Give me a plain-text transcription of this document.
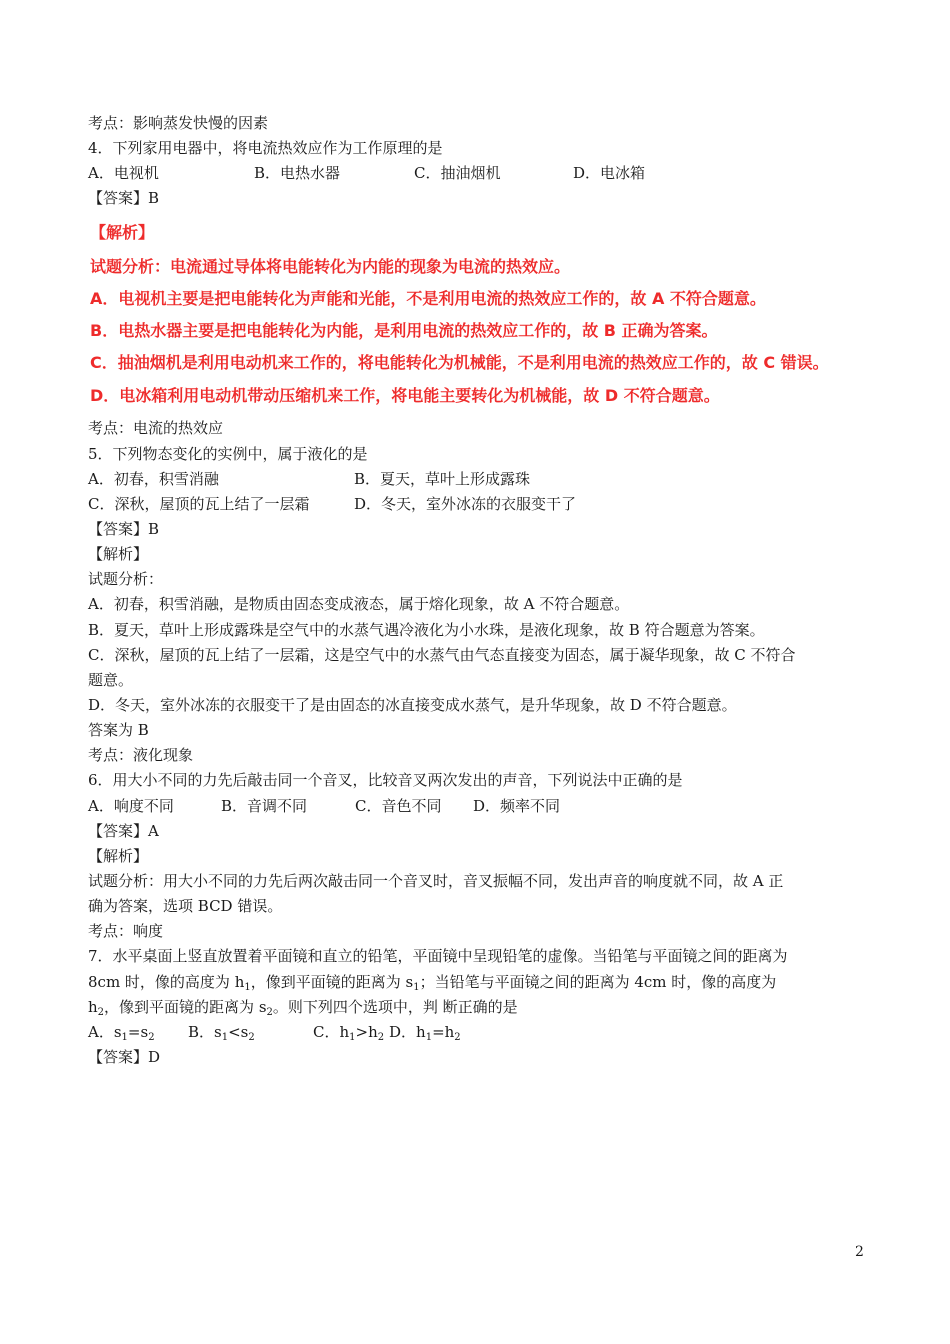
考点：影响蒸发快慢的因素
4．下列家用电器中，将电流热效应作为工作原理的是
A．电视机	B．电热水器	C．抽油烟机	D．电冰箱
【答案】B
【解析】
试题分析：电流通过导体将电能转化为内能的现象为电流的热效应。
A．电视机主要是把电能转化为声能和光能，不是利用电流的热效应工作的，故 A 不符合题意。
B．电热水器主要是把电能转化为内能，是利用电流的热效应工作的，故 B 正确为答案。
C．抽油烟机是利用电动机来工作的，将电能转化为机械能，不是利用电流的热效应工作的，故 C 错误。
D．电冰箱利用电动机带动压缩机来工作，将电能主要转化为机械能，故 D 不符合题意。
考点：电流的热效应
5．下列物态变化的实例中，属于液化的是
A．初春，积雪消融	B．夏天，草叶上形成露珠
C．深秋，屋顶的瓦上结了一层霜	D．冬天，室外冰冻的衣服变干了
【答案】B
【解析】
试题分析：
A．初春，积雪消融，是物质由固态变成液态，属于熔化现象，故 A 不符合题意。
B．夏天，草叶上形成露珠是空气中的水蒸气遇冷液化为小水珠，是液化现象，故 B 符合题意为答案。
C．深秋，屋顶的瓦上结了一层霜，这是空气中的水蒸气由气态直接变为固态，属于凝华现象，故 C 不符合
题意。
D．冬天，室外冰冻的衣服变干了是由固态的冰直接变成水蒸气，是升华现象，故 D 不符合题意。
答案为 B
考点：液化现象
6．用大小不同的力先后敲击同一个音叉，比较音叉两次发出的声音，下列说法中正确的是
A．响度不同	B．音调不同	C．音色不同	D．频率不同
【答案】A
【解析】
试题分析：用大小不同的力先后两次敲击同一个音叉时，音叉振幅不同，发出声音的响度就不同，故 A 正
确为答案，选项 BCD 错误。
考点：响度
7．水平桌面上竖直放置着平面镜和直立的铅笔，平面镜中呈现铅笔的虚像。当铅笔与平面镜之间的距离为
8cm 时，像的高度为 $h_1$，像到平面镜的距离为 $s_1$；当铅笔与平面镜之间的距离为 4cm 时，像的高度为
$h_2$，像到平面镜的距离为 $s_2$。则下列四个选项中，判 断正确的是
A．$s_1=s_2$	B．$s_1<s_2$	C．$h_1>h_2$ D．$h_1=h_2$
【答案】D
2
